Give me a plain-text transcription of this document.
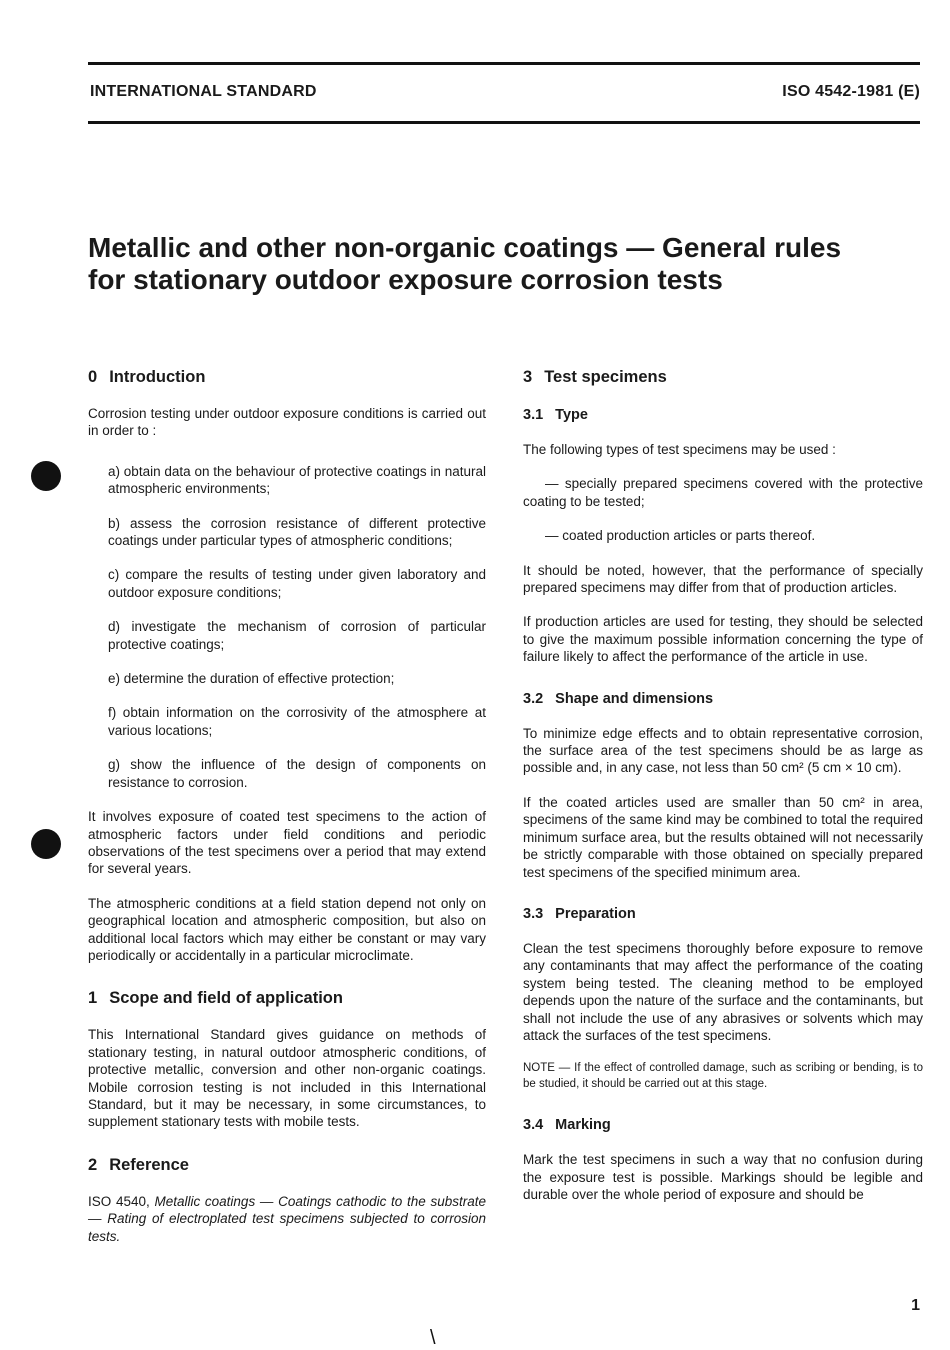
INTERNATIONAL STANDARD	ISO 4542-1981 (E)
Metallic and other non-organic coatings — General rules
for stationary outdoor exposure corrosion tests
0 Introduction

Corrosion testing under outdoor exposure conditions is carried out in order to :

a) obtain data on the behaviour of protective coatings in natural atmospheric environments;

b) assess the corrosion resistance of different protective coatings under particular types of atmospheric conditions;

c) compare the results of testing under given laboratory and outdoor exposure conditions;

d) investigate the mechanism of corrosion of particular protective coatings;

e) determine the duration of effective protection;

f) obtain information on the corrosivity of the atmosphere at various locations;

g) show the influence of the design of components on resistance to corrosion.

It involves exposure of coated test specimens to the action of atmospheric factors under field conditions and periodic observations of the test specimens over a period that may extend for several years.

The atmospheric conditions at a field station depend not only on geographical location and atmospheric composition, but also on additional local factors which may either be constant or may vary periodically or accidentally in a particular microclimate.

1 Scope and field of application

This International Standard gives guidance on methods of stationary testing, in natural outdoor atmospheric conditions, of protective metallic, conversion and other non-organic coatings. Mobile corrosion testing is not included in this International Standard, but it may be necessary, in some circumstances, to supplement stationary tests with mobile tests.

2 Reference

ISO 4540, Metallic coatings — Coatings cathodic to the substrate — Rating of electroplated test specimens subjected to corrosion tests.

3 Test specimens
3.1 Type

The following types of test specimens may be used :

— specially prepared specimens covered with the protective coating to be tested;

— coated production articles or parts thereof.

It should be noted, however, that the performance of specially prepared specimens may differ from that of production articles.

If production articles are used for testing, they should be selected to give the maximum possible information concerning the type of failure likely to affect the performance of the article in use.

3.2 Shape and dimensions

To minimize edge effects and to obtain representative corrosion, the surface area of the test specimens should be as large as possible and, in any case, not less than 50 cm² (5 cm × 10 cm).

If the coated articles used are smaller than 50 cm² in area, specimens of the same kind may be combined to total the required minimum surface area, but the results obtained will not necessarily be strictly comparable with those obtained on specially prepared test specimens of the specified minimum area.

3.3 Preparation

Clean the test specimens thoroughly before exposure to remove any contaminants that may affect the performance of the coating system being tested. The cleaning method to be employed depends upon the nature of the surface and the contaminants, but shall not include the use of any abrasives or solvents which may attack the surfaces of the test specimens.

NOTE — If the effect of controlled damage, such as scribing or bending, is to be studied, it should be carried out at this stage.

3.4 Marking

Mark the test specimens in such a way that no confusion during the exposure test is possible. Markings should be legible and durable over the whole period of exposure and should be

1
\
